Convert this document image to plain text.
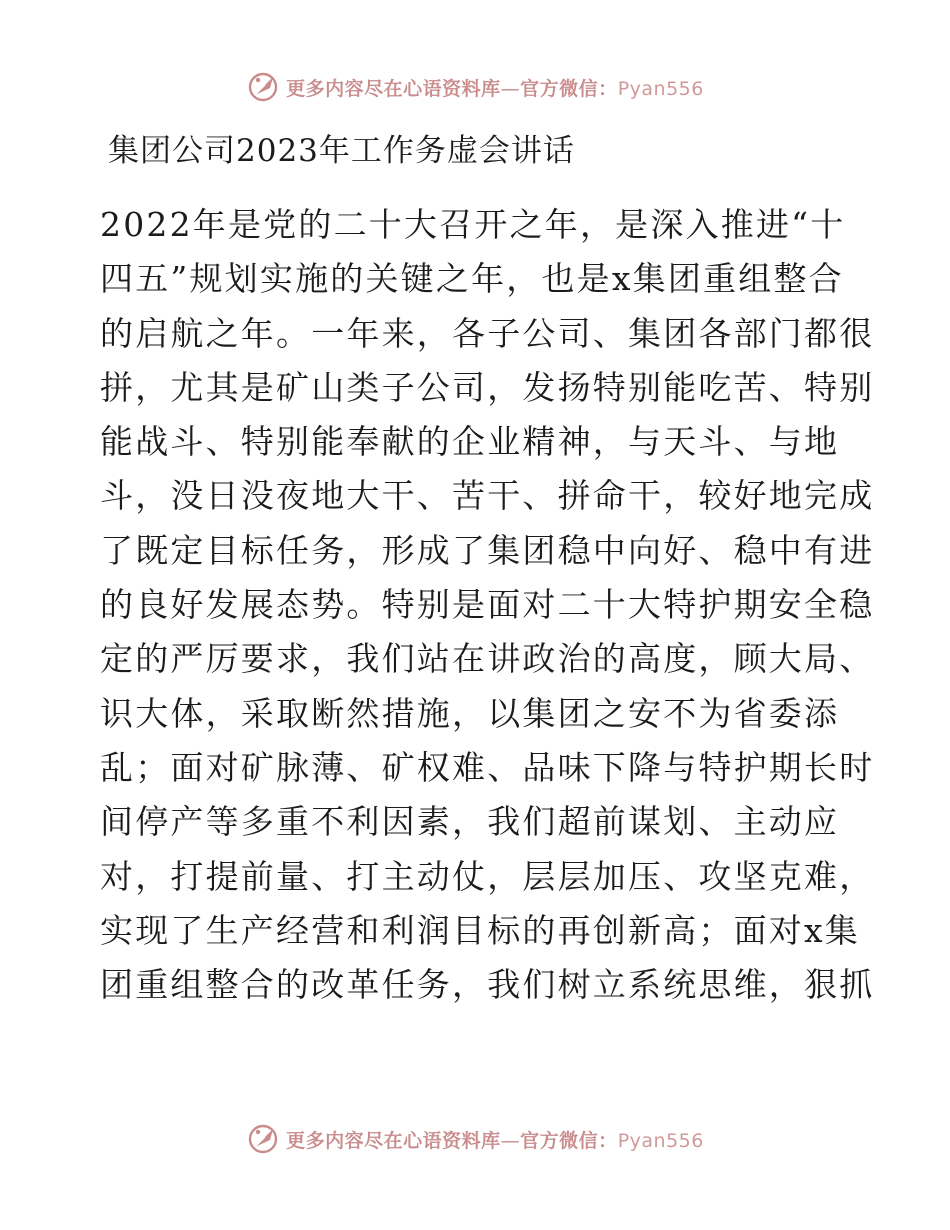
更多内容尽在心语资料库—官方微信：Pyan556
集团公司2023年工作务虚会讲话
2022年是党的二十大召开之年，是深入推进“十
四五”规划实施的关键之年，也是x集团重组整合
的启航之年。一年来，各子公司、集团各部门都很
拼，尤其是矿山类子公司，发扬特别能吃苦、特别
能战斗、特别能奉献的企业精神，与天斗、与地
斗，没日没夜地大干、苦干、拼命干，较好地完成
了既定目标任务，形成了集团稳中向好、稳中有进
的良好发展态势。特别是面对二十大特护期安全稳
定的严厉要求，我们站在讲政治的高度，顾大局、
识大体，采取断然措施，以集团之安不为省委添
乱；面对矿脉薄、矿权难、品味下降与特护期长时
间停产等多重不利因素，我们超前谋划、主动应
对，打提前量、打主动仗，层层加压、攻坚克难，
实现了生产经营和利润目标的再创新高；面对x集
团重组整合的改革任务，我们树立系统思维，狠抓
更多内容尽在心语资料库—官方微信：Pyan556
